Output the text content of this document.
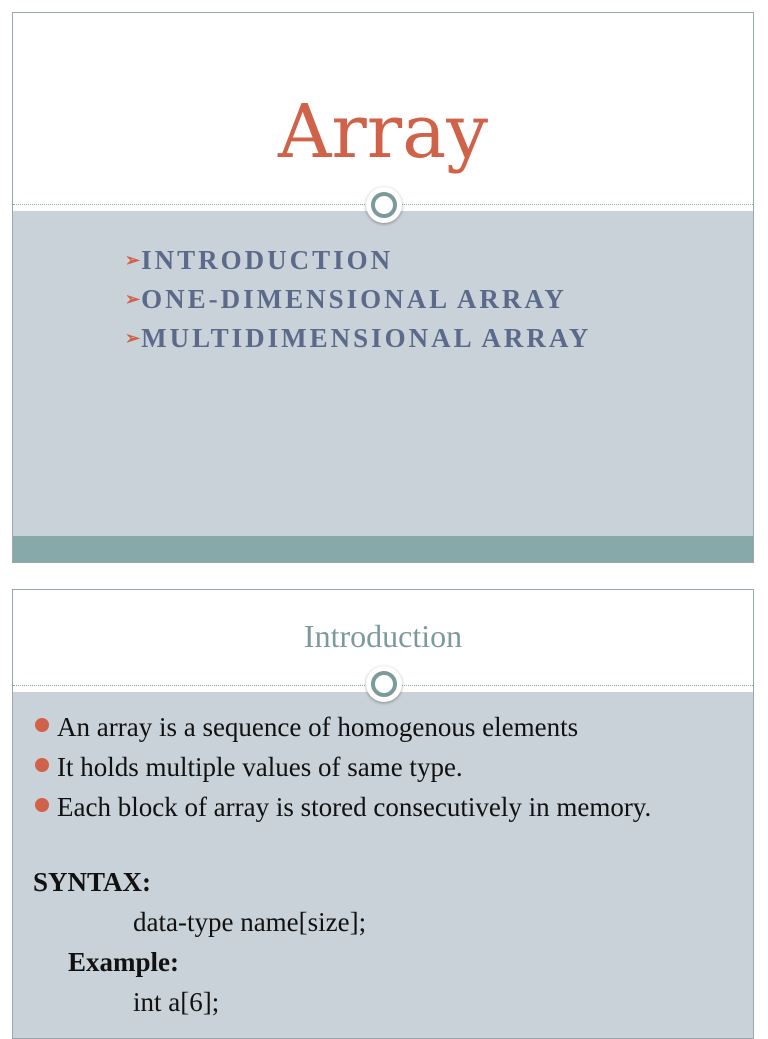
Array
➢INTRODUCTION
➢ONE-DIMENSIONAL ARRAY
➢MULTIDIMENSIONAL ARRAY
Introduction
An array is a sequence of homogenous elements
It holds multiple values of same type.
Each block of array is stored consecutively in memory.
SYNTAX:
data-type name[size];
Example:
int a[6];
